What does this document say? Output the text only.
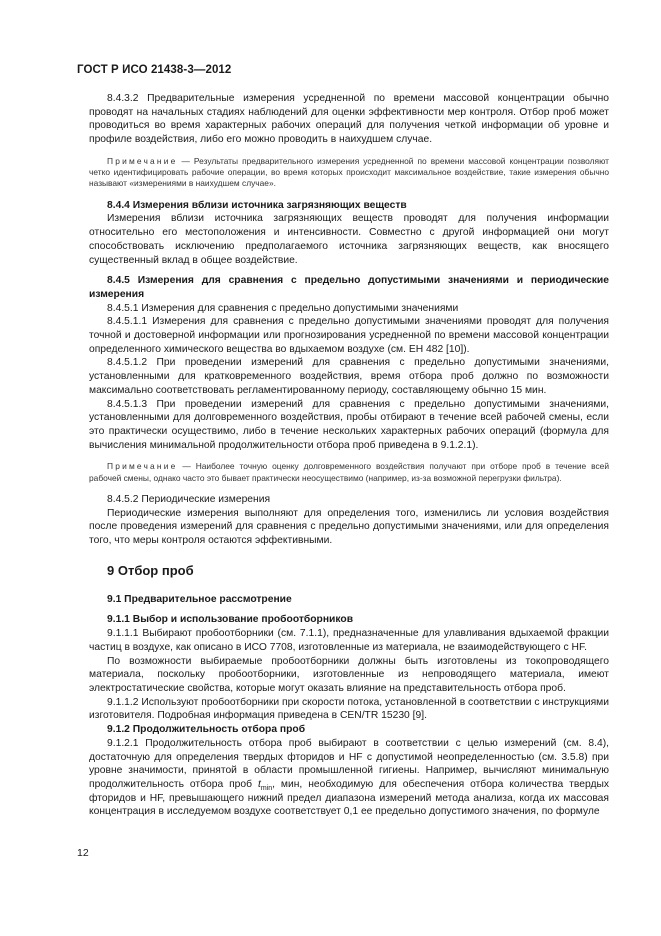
ГОСТ Р ИСО 21438-3—2012

8.4.3.2 Предварительные измерения усредненной по времени массовой концентрации обычно проводят на начальных стадиях наблюдений для оценки эффективности мер контроля. Отбор проб может проводиться во время характерных рабочих операций для получения четкой информации об уровне и профиле воздействия, либо его можно проводить в наихудшем случае.

Примечание — Результаты предварительного измерения усредненной по времени массовой концентрации позволяют четко идентифицировать рабочие операции, во время которых происходит максимальное воздействие, такие измерения обычно называют «измерениями в наихудшем случае».

8.4.4 Измерения вблизи источника загрязняющих веществ

Измерения вблизи источника загрязняющих веществ проводят для получения информации относительно его местоположения и интенсивности. Совместно с другой информацией они могут способствовать исключению предполагаемого источника загрязняющих веществ, как вносящего существенный вклад в общее воздействие.

8.4.5 Измерения для сравнения с предельно допустимыми значениями и периодические измерения

8.4.5.1 Измерения для сравнения с предельно допустимыми значениями

8.4.5.1.1 Измерения для сравнения с предельно допустимыми значениями проводят для получения точной и достоверной информации или прогнозирования усредненной по времени массовой концентрации определенного химического вещества во вдыхаемом воздухе (см. ЕН 482 [10]).

8.4.5.1.2 При проведении измерений для сравнения с предельно допустимыми значениями, установленными для кратковременного воздействия, время отбора проб должно по возможности максимально соответствовать регламентированному периоду, составляющему обычно 15 мин.

8.4.5.1.3 При проведении измерений для сравнения с предельно допустимыми значениями, установленными для долговременного воздействия, пробы отбирают в течение всей рабочей смены, если это практически осуществимо, либо в течение нескольких характерных рабочих операций (формула для вычисления минимальной продолжительности отбора проб приведена в 9.1.2.1).

Примечание — Наиболее точную оценку долговременного воздействия получают при отборе проб в течение всей рабочей смены, однако часто это бывает практически неосуществимо (например, из-за возможной перегрузки фильтра).

8.4.5.2 Периодические измерения

Периодические измерения выполняют для определения того, изменились ли условия воздействия после проведения измерений для сравнения с предельно допустимыми значениями, или для определения того, что меры контроля остаются эффективными.

9 Отбор проб

9.1 Предварительное рассмотрение

9.1.1 Выбор и использование пробоотборников

9.1.1.1 Выбирают пробоотборники (см. 7.1.1), предназначенные для улавливания вдыхаемой фракции частиц в воздухе, как описано в ИСО 7708, изготовленные из материала, не взаимодействующего с HF.

По возможности выбираемые пробоотборники должны быть изготовлены из токопроводящего материала, поскольку пробоотборники, изготовленные из непроводящего материала, имеют электростатические свойства, которые могут оказать влияние на представительность отбора проб.

9.1.1.2 Используют пробоотборники при скорости потока, установленной в соответствии с инструкциями изготовителя. Подробная информация приведена в CEN/TR 15230 [9].

9.1.2 Продолжительность отбора проб

9.1.2.1 Продолжительность отбора проб выбирают в соответствии с целью измерений (см. 8.4), достаточную для определения твердых фторидов и HF с допустимой неопределенностью (см. 3.5.8) при уровне значимости, принятой в области промышленной гигиены. Например, вычисляют минимальную продолжительность отбора проб $t_{min}$, мин, необходимую для обеспечения отбора количества твердых фторидов и HF, превышающего нижний предел диапазона измерений метода анализа, когда их массовая концентрация в исследуемом воздухе соответствует 0,1 ее предельно допустимого значения, по формуле

12
